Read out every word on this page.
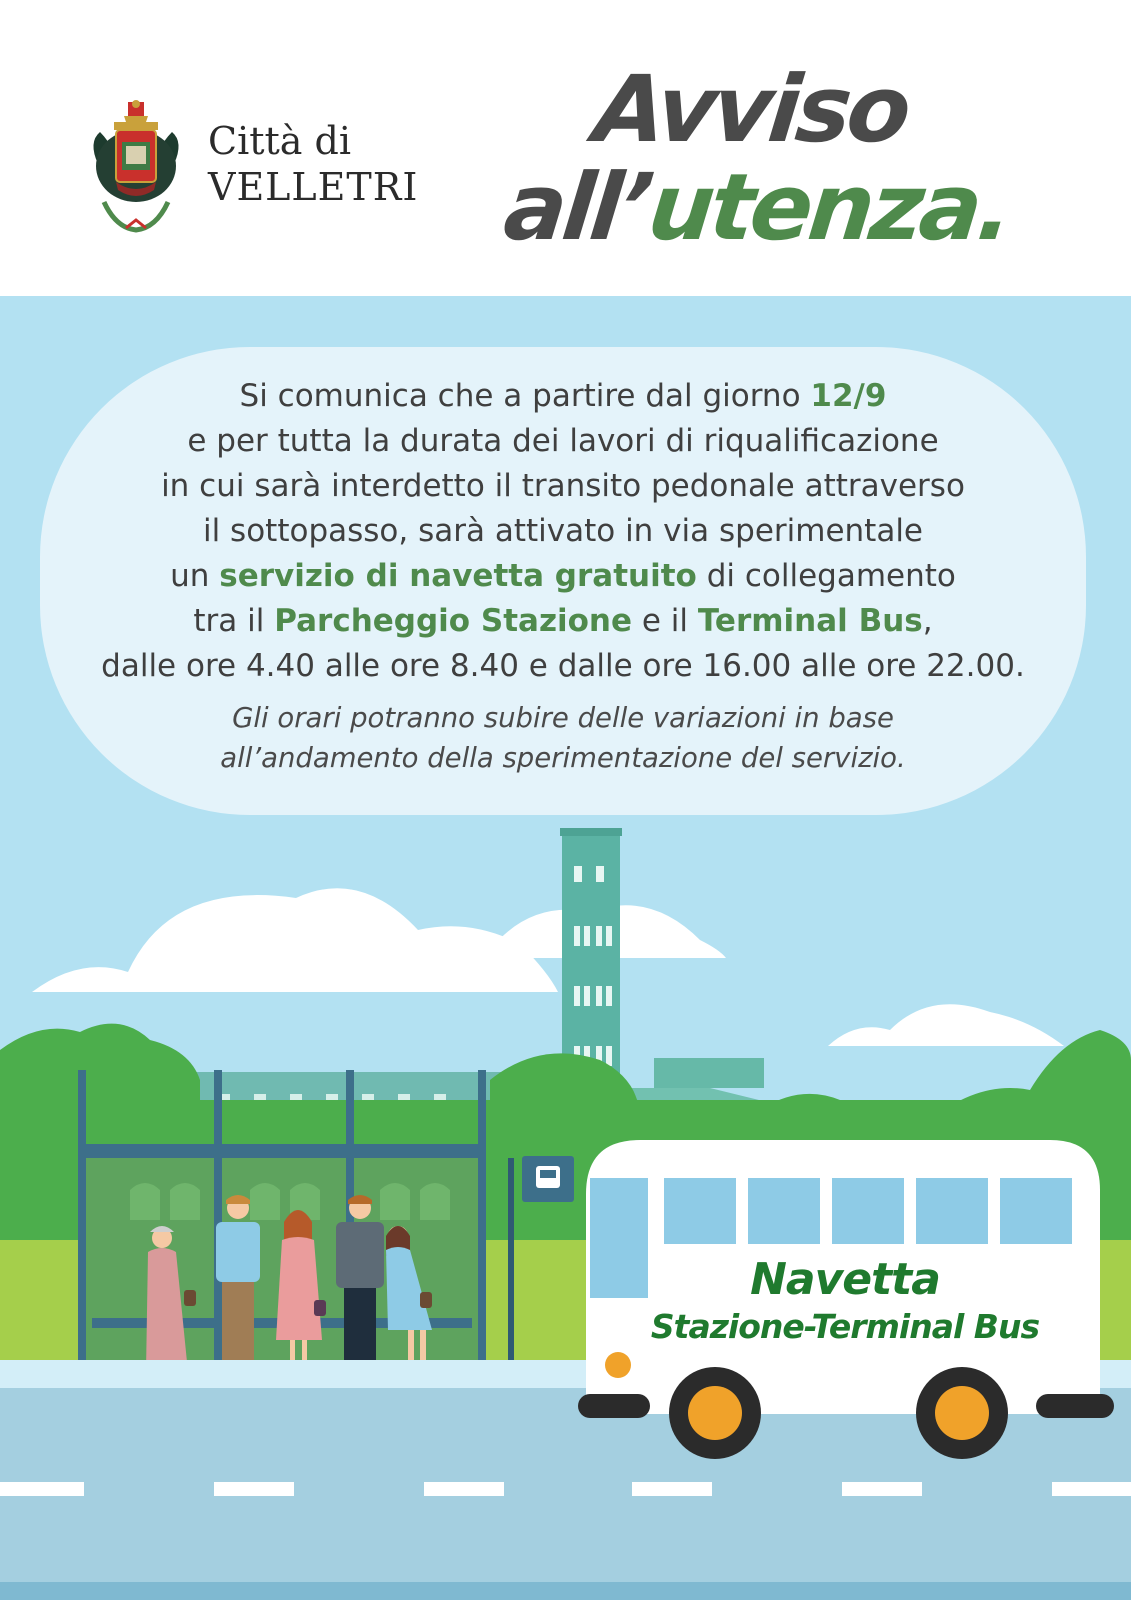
Città di
VELLETRI
Avviso
all’utenza.
Si comunica che a partire dal giorno 12/9
e per tutta la durata dei lavori di riqualificazione
in cui sarà interdetto il transito pedonale attraverso
il sottopasso, sarà attivato in via sperimentale
un servizio di navetta gratuito di collegamento
tra il Parcheggio Stazione e il Terminal Bus,
dalle ore 4.40 alle ore 8.40 e dalle ore 16.00 alle ore 22.00.
Gli orari potranno subire delle variazioni in base
all’andamento della sperimentazione del servizio.
Navetta
Stazione-Terminal Bus
